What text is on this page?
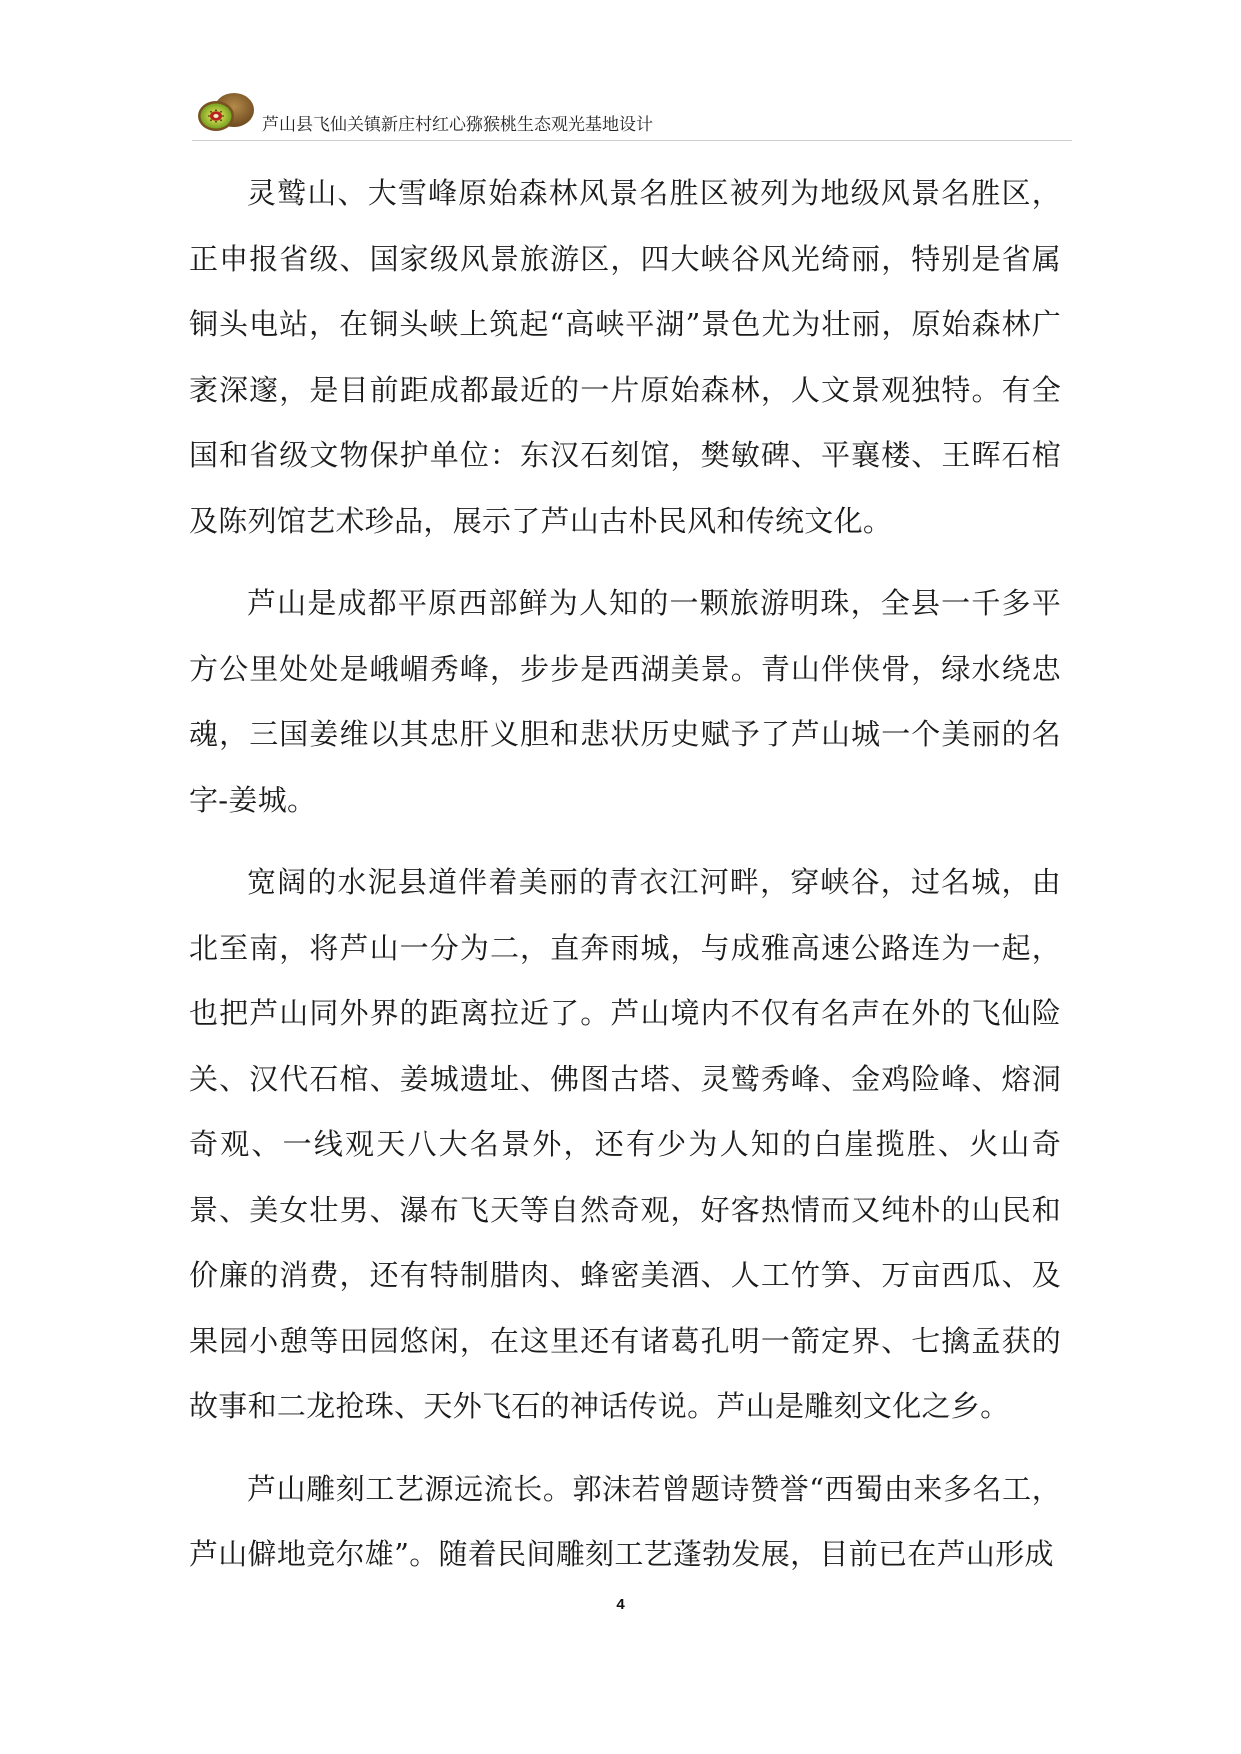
芦山县飞仙关镇新庄村红心猕猴桃生态观光基地设计

灵鹫山、大雪峰原始森林风景名胜区被列为地级风景名胜区，正申报省级、国家级风景旅游区，四大峡谷风光绮丽，特别是省属铜头电站，在铜头峡上筑起“高峡平湖”景色尤为壮丽，原始森林广袤深邃，是目前距成都最近的一片原始森林，人文景观独特。有全国和省级文物保护单位：东汉石刻馆，樊敏碑、平襄楼、王晖石棺及陈列馆艺术珍品，展示了芦山古朴民风和传统文化。

芦山是成都平原西部鲜为人知的一颗旅游明珠，全县一千多平方公里处处是峨嵋秀峰，步步是西湖美景。青山伴侠骨，绿水绕忠魂，三国姜维以其忠肝义胆和悲状历史赋予了芦山城一个美丽的名字-姜城。

宽阔的水泥县道伴着美丽的青衣江河畔，穿峡谷，过名城，由北至南，将芦山一分为二，直奔雨城，与成雅高速公路连为一起，也把芦山同外界的距离拉近了。芦山境内不仅有名声在外的飞仙险关、汉代石棺、姜城遗址、佛图古塔、灵鹫秀峰、金鸡险峰、熔洞奇观、一线观天八大名景外，还有少为人知的白崖揽胜、火山奇景、美女壮男、瀑布飞天等自然奇观，好客热情而又纯朴的山民和价廉的消费，还有特制腊肉、蜂密美酒、人工竹笋、万亩西瓜、及果园小憩等田园悠闲，在这里还有诸葛孔明一箭定界、七擒孟获的故事和二龙抢珠、天外飞石的神话传说。芦山是雕刻文化之乡。

芦山雕刻工艺源远流长。郭沫若曾题诗赞誉“西蜀由来多名工，芦山僻地竞尔雄”。随着民间雕刻工艺蓬勃发展，目前已在芦山形成

4
